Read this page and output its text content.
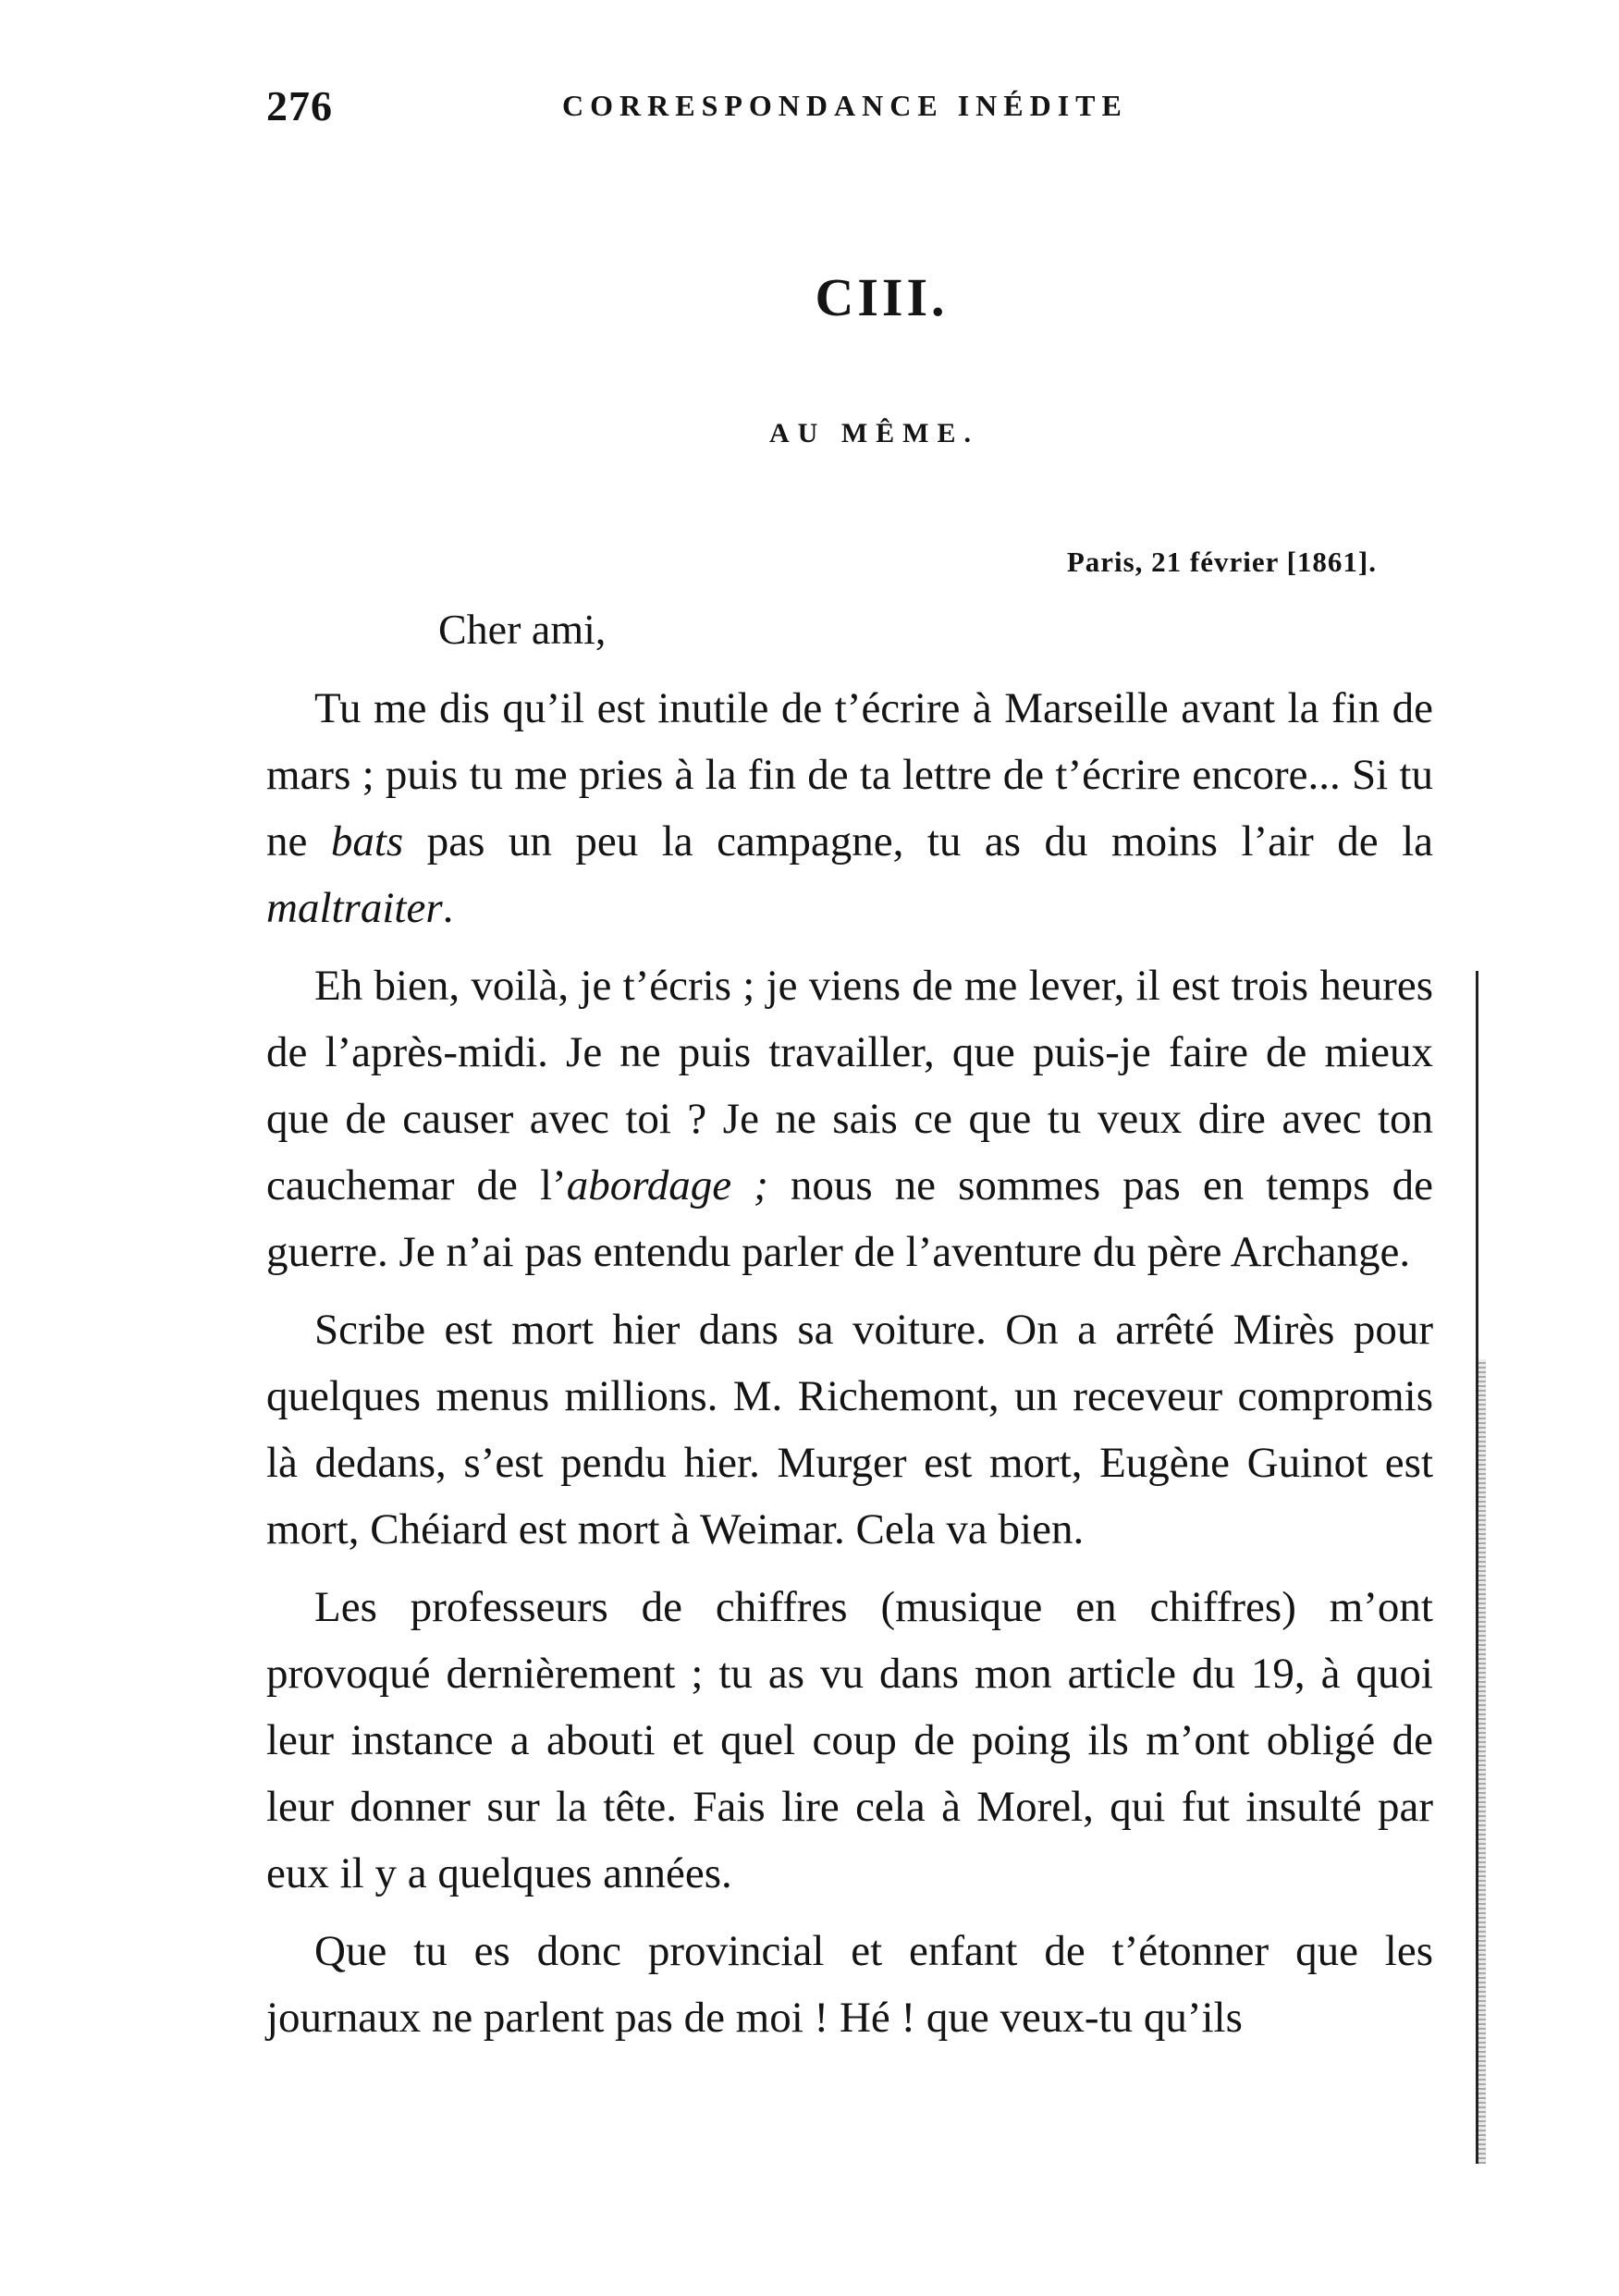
276	CORRESPONDANCE INÉDITE
CIII.
AU MÊME.
Paris, 21 février [1861].
Cher ami,

Tu me dis qu’il est inutile de t’écrire à Marseille avant la fin de mars ; puis tu me pries à la fin de ta lettre de t’écrire encore... Si tu ne bats pas un peu la campagne, tu as du moins l’air de la maltraiter.

Eh bien, voilà, je t’écris ; je viens de me lever, il est trois heures de l’après-midi. Je ne puis travailler, que puis-je faire de mieux que de causer avec toi ? Je ne sais ce que tu veux dire avec ton cauchemar de l’abordage ; nous ne sommes pas en temps de guerre. Je n’ai pas entendu parler de l’aventure du père Archange.

Scribe est mort hier dans sa voiture. On a arrêté Mirès pour quelques menus millions. M. Richemont, un receveur compromis là dedans, s’est pendu hier. Murger est mort, Eugène Guinot est mort, Chéiard est mort à Weimar. Cela va bien.

Les professeurs de chiffres (musique en chiffres) m’ont provoqué dernièrement ; tu as vu dans mon article du 19, à quoi leur instance a abouti et quel coup de poing ils m’ont obligé de leur donner sur la tête. Fais lire cela à Morel, qui fut insulté par eux il y a quelques années.

Que tu es donc provincial et enfant de t’étonner que les journaux ne parlent pas de moi ! Hé ! que veux-tu qu’ils
